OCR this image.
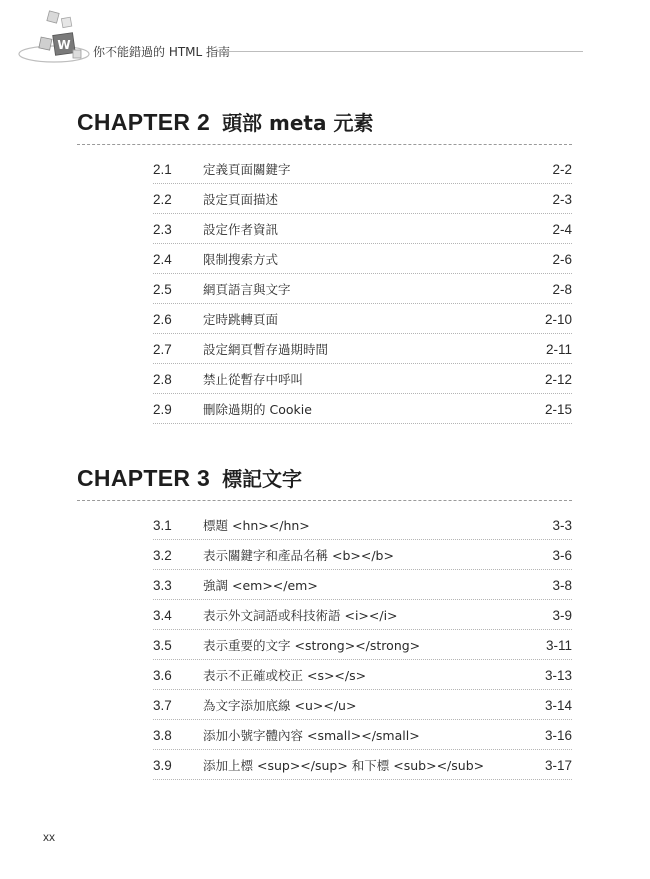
W 你不能錯過的 HTML 指南
CHAPTER 2 頭部 meta 元素
2.1	定義頁面關鍵字	2-2
2.2	設定頁面描述	2-3
2.3	設定作者資訊	2-4
2.4	限制搜索方式	2-6
2.5	網頁語言與文字	2-8
2.6	定時跳轉頁面	2-10
2.7	設定網頁暫存過期時間	2-11
2.8	禁止從暫存中呼叫	2-12
2.9	刪除過期的 Cookie	2-15
CHAPTER 3 標記文字
3.1	標題 <hn></hn>	3-3
3.2	表示關鍵字和產品名稱 <b></b>	3-6
3.3	強調 <em></em>	3-8
3.4	表示外文詞語或科技術語 <i></i>	3-9
3.5	表示重要的文字 <strong></strong>	3-11
3.6	表示不正確或校正 <s></s>	3-13
3.7	為文字添加底線 <u></u>	3-14
3.8	添加小號字體內容 <small></small>	3-16
3.9	添加上標 <sup></sup> 和下標 <sub></sub>	3-17
xx
